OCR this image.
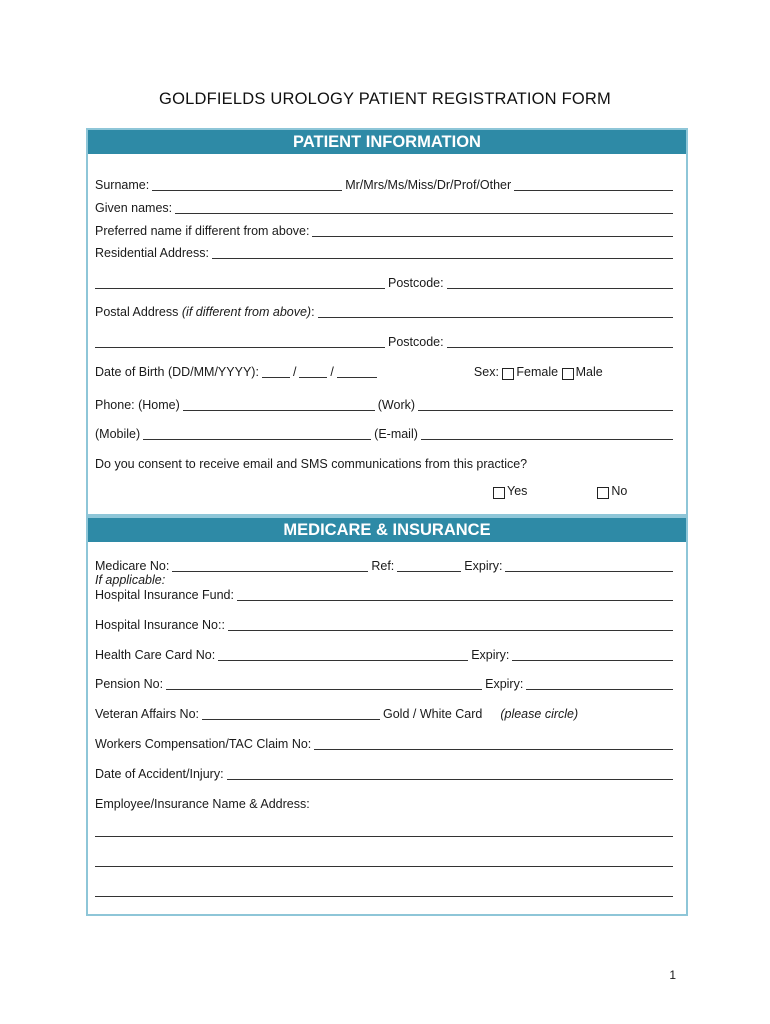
GOLDFIELDS UROLOGY PATIENT REGISTRATION FORM
PATIENT INFORMATION
Surname:	Mr/Mrs/Ms/Miss/Dr/Prof/Other
Given names:
Preferred name if different from above:
Residential Address:
Postcode:
Postal Address
(if different from above) :
Postcode:
Date of Birth (DD/MM/YYYY):	/	/	Sex:
Female
Male
Phone: (Home)	(Work)
(Mobile)	(E-mail)
Do you consent to receive email and SMS communications from this practice?
Yes	No
MEDICARE & INSURANCE
Medicare No:	Ref:	Expiry:
If applicable:
Hospital Insurance Fund:
Hospital Insurance No::
Health Care Card No:	Expiry:
Pension No:	Expiry:
Veteran Affairs No:	Gold / White Card (please circle)
Workers Compensation/TAC Claim No:
Date of Accident/Injury:
Employee/Insurance Name & Address:
1
